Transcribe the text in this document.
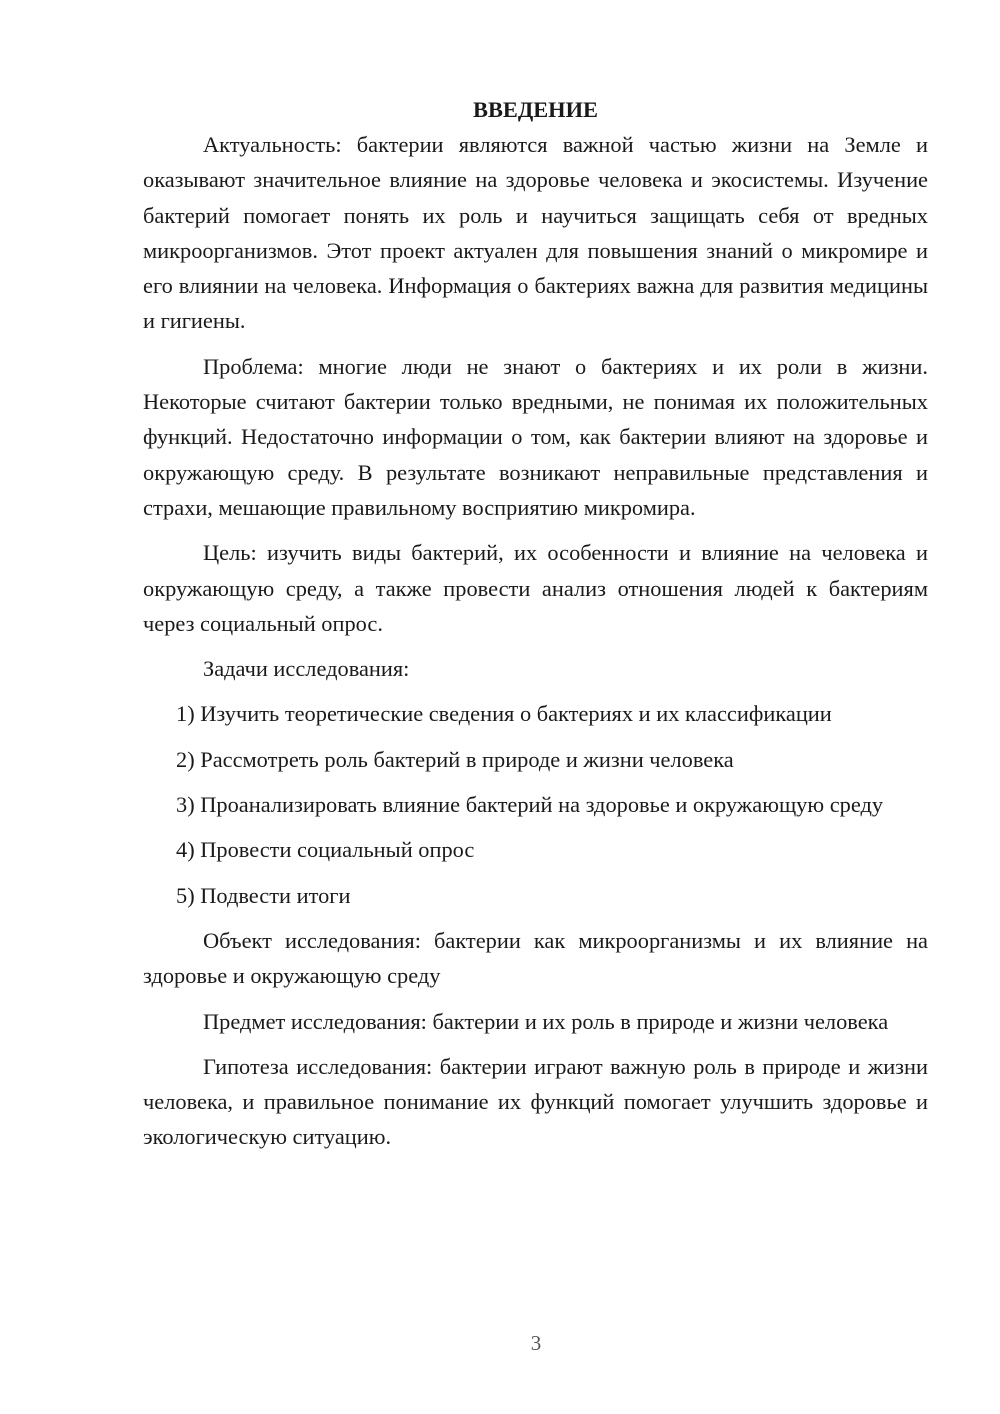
ВВЕДЕНИЕ

Актуальность: бактерии являются важной частью жизни на Земле и оказывают значительное влияние на здоровье человека и экосистемы. Изучение бактерий помогает понять их роль и научиться защищать себя от вредных микроорганизмов. Этот проект актуален для повышения знаний о микромире и его влиянии на человека. Информация о бактериях важна для развития медицины и гигиены.

Проблема: многие люди не знают о бактериях и их роли в жизни. Некоторые считают бактерии только вредными, не понимая их положительных функций. Недостаточно информации о том, как бактерии влияют на здоровье и окружающую среду. В результате возникают неправильные представления и страхи, мешающие правильному восприятию микромира.

Цель: изучить виды бактерий, их особенности и влияние на человека и окружающую среду, а также провести анализ отношения людей к бактериям через социальный опрос.

Задачи исследования:

1) Изучить теоретические сведения о бактериях и их классификации

2) Рассмотреть роль бактерий в природе и жизни человека

3) Проанализировать влияние бактерий на здоровье и окружающую среду

4) Провести социальный опрос

5) Подвести итоги

Объект исследования: бактерии как микроорганизмы и их влияние на здоровье и окружающую среду

Предмет исследования: бактерии и их роль в природе и жизни человека

Гипотеза исследования: бактерии играют важную роль в природе и жизни человека, и правильное понимание их функций помогает улучшить здоровье и экологическую ситуацию.

3
